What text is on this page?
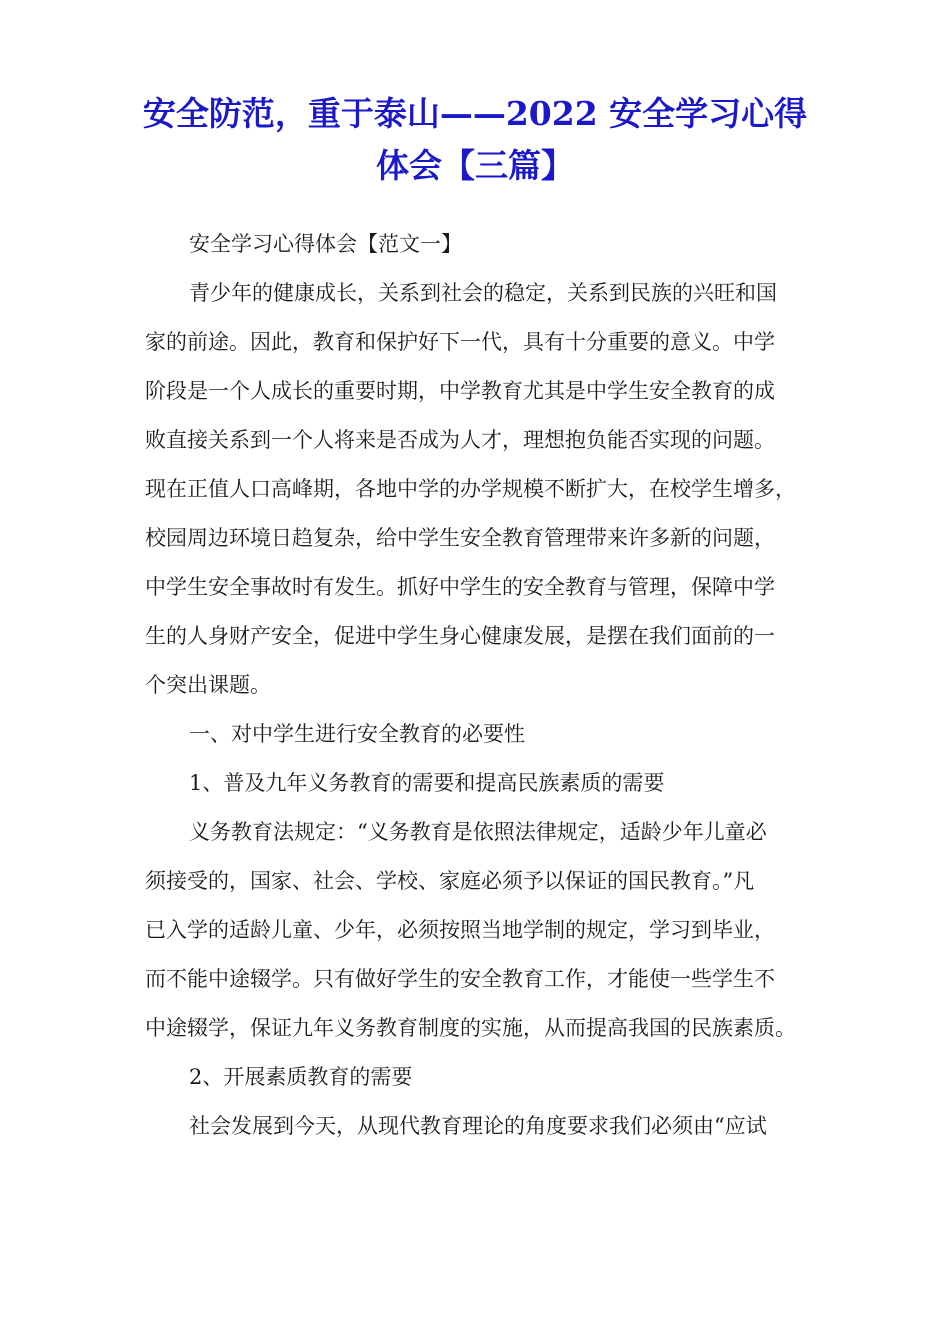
安全防范，重于泰山——2022 安全学习心得
体会【三篇】
安全学习心得体会【范文一】
青少年的健康成长，关系到社会的稳定，关系到民族的兴旺和国
家的前途。因此，教育和保护好下一代，具有十分重要的意义。中学
阶段是一个人成长的重要时期，中学教育尤其是中学生安全教育的成
败直接关系到一个人将来是否成为人才，理想抱负能否实现的问题。
现在正值人口高峰期，各地中学的办学规模不断扩大，在校学生增多，
校园周边环境日趋复杂，给中学生安全教育管理带来许多新的问题，
中学生安全事故时有发生。抓好中学生的安全教育与管理，保障中学
生的人身财产安全，促进中学生身心健康发展，是摆在我们面前的一
个突出课题。
一、对中学生进行安全教育的必要性
1、普及九年义务教育的需要和提高民族素质的需要
义务教育法规定：“义务教育是依照法律规定，适龄少年儿童必
须接受的，国家、社会、学校、家庭必须予以保证的国民教育。”凡
已入学的适龄儿童、少年，必须按照当地学制的规定，学习到毕业，
而不能中途辍学。只有做好学生的安全教育工作，才能使一些学生不
中途辍学，保证九年义务教育制度的实施，从而提高我国的民族素质。
2、开展素质教育的需要
社会发展到今天，从现代教育理论的角度要求我们必须由“应试
